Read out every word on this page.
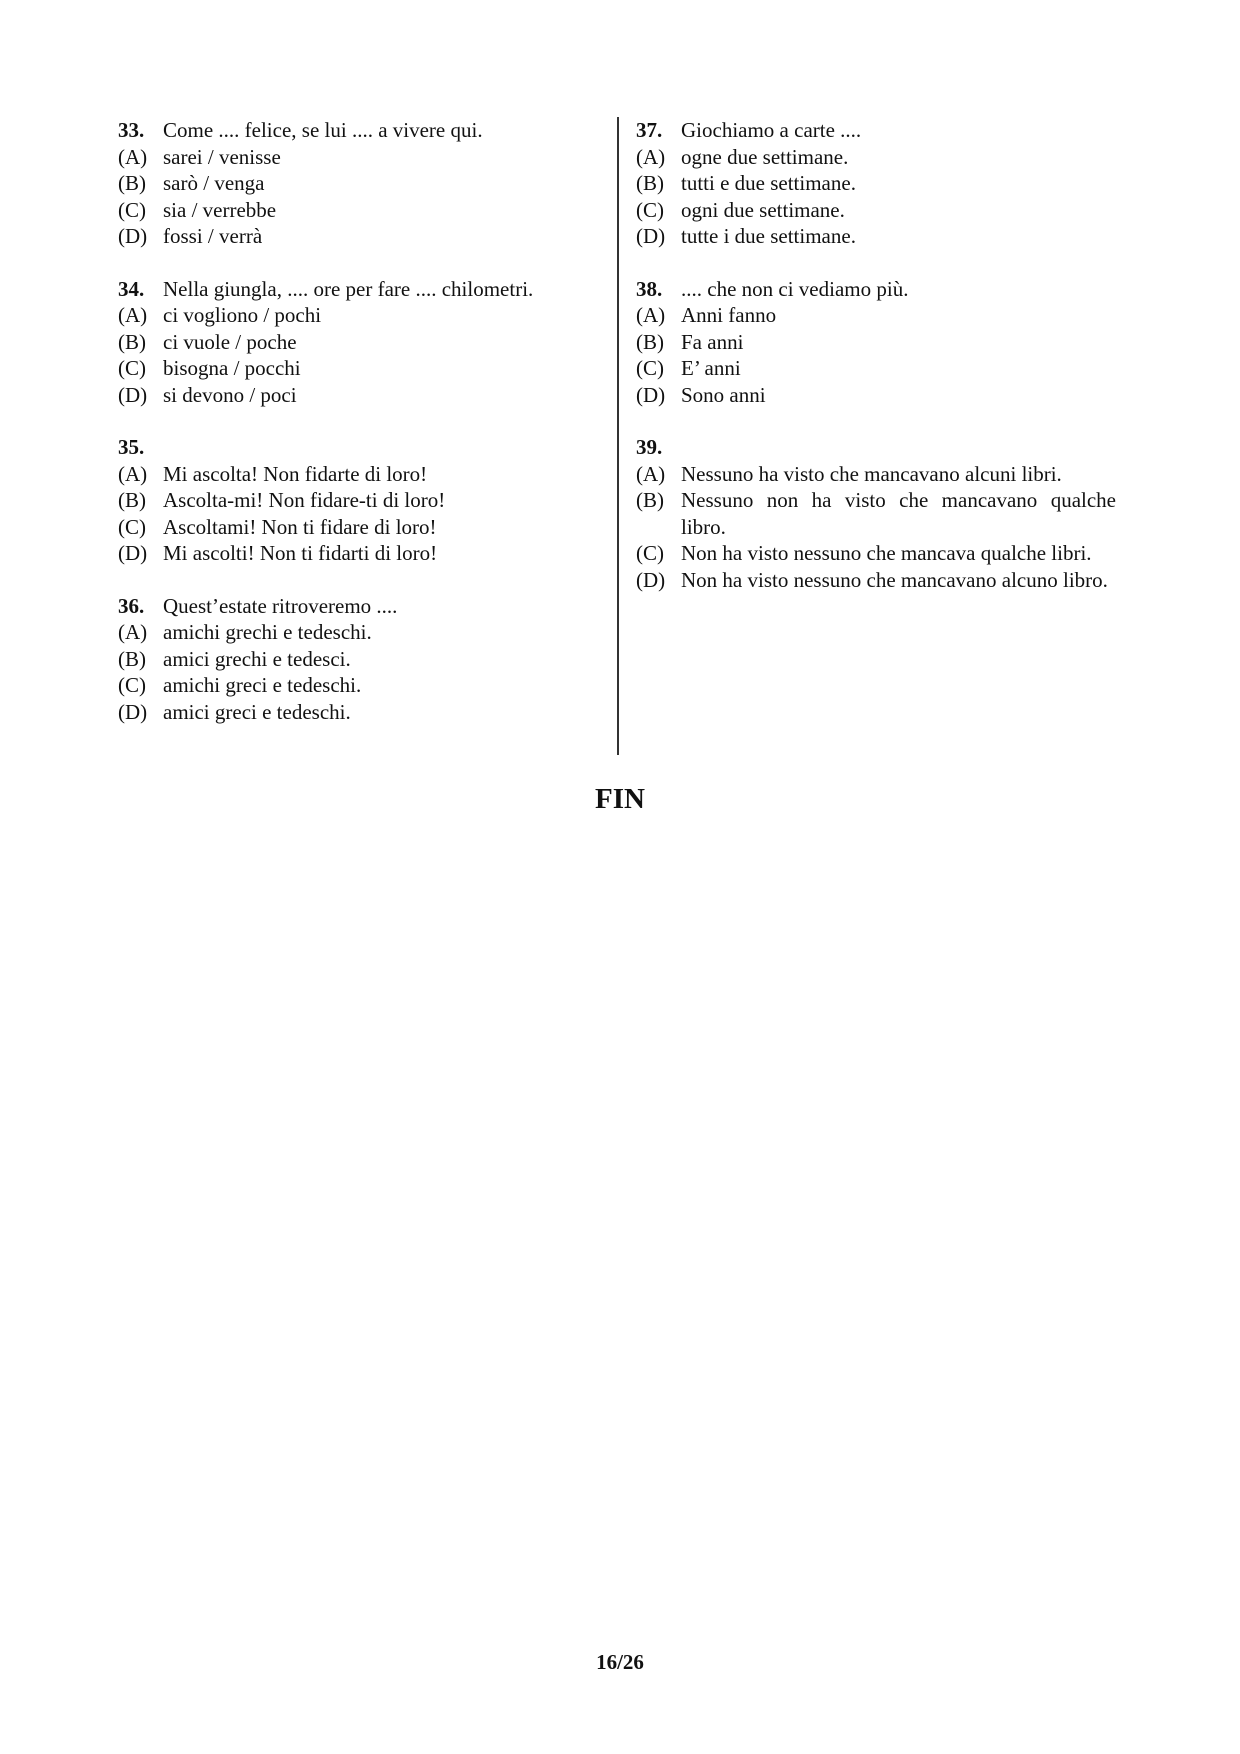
33. Come .... felice, se lui .... a vivere qui.
(A) sarei / venisse
(B) sarò / venga
(C) sia / verrebbe
(D) fossi / verrà
34. Nella giungla, .... ore per fare .... chilometri.
(A) ci vogliono / pochi
(B) ci vuole / poche
(C) bisogna / pocchi
(D) si devono / poci
35.
(A) Mi ascolta! Non fidarte di loro!
(B) Ascolta-mi! Non fidare-ti di loro!
(C) Ascoltami! Non ti fidare di loro!
(D) Mi ascolti! Non ti fidarti di loro!
36. Quest’estate ritroveremo ....
(A) amichi grechi e tedeschi.
(B) amici grechi e tedesci.
(C) amichi greci e tedeschi.
(D) amici greci e tedeschi.
37. Giochiamo a carte ....
(A) ogne due settimane.
(B) tutti e due settimane.
(C) ogni due settimane.
(D) tutte i due settimane.
38. .... che non ci vediamo più.
(A) Anni fanno
(B) Fa anni
(C) E’ anni
(D) Sono anni
39.
(A) Nessuno ha visto che mancavano alcuni libri.
(B) Nessuno non ha visto che mancavano qualche libro.
(C) Non ha visto nessuno che mancava qualche libri.
(D) Non ha visto nessuno che mancavano alcuno libro.
FIN
16/26
